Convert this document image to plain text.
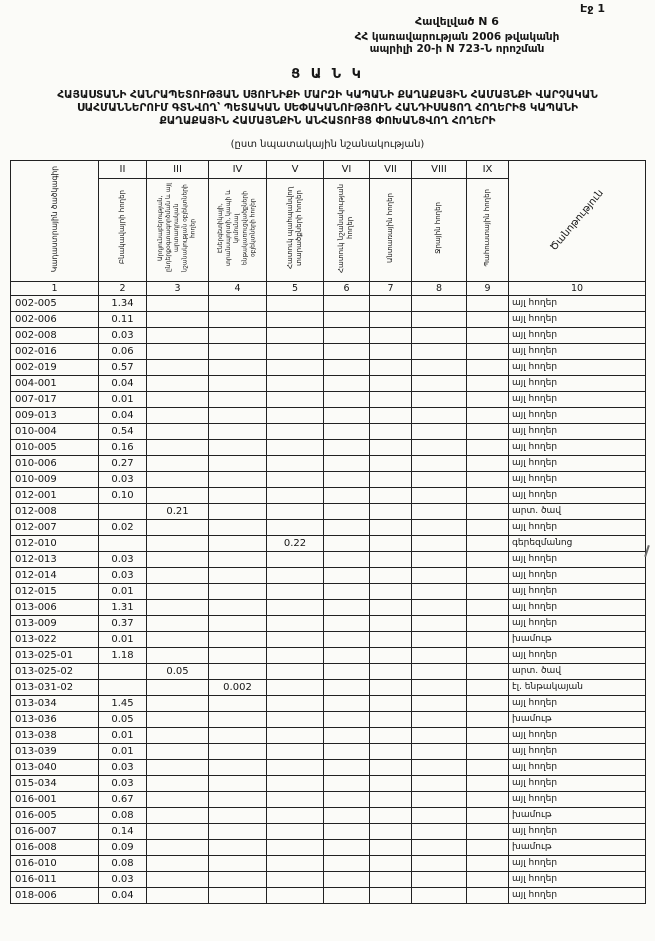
Էջ 1
Հավելված N 6
ՀՀ կառավարության 2006 թվականի
ապրիլի 20-ի N 723-Ն որոշման
Ց Ա Ն Կ
ՀԱՅԱՍՏԱՆԻ ՀԱՆՐԱՊԵՏՈՒԹՅԱՆ ՍՅՈՒՆԻՔԻ ՄԱՐԶԻ ԿԱՊԱՆԻ ՔԱՂԱՔԱՅԻՆ ՀԱՄԱՅՆՔԻ ՎԱՐՉԱԿԱՆ
ՍԱՀՄԱՆՆԵՐՈՒՄ ԳՏՆՎՈՂ՝ ՊԵՏԱԿԱՆ ՍԵՓԱԿԱՆՈՒԹՅՈՒՆ ՀԱՆԴԻՍԱՑՈՂ ՀՈՂԵՐԻՑ ԿԱՊԱՆԻ
ՔԱՂԱՔԱՅԻՆ ՀԱՄԱՅՆՔԻՆ ԱՆՀԱՏՈՒՅՑ ՓՈԽԱՆՑՎՈՂ ՀՈՂԵՐԻ
(ըստ նպատակային նշանակության)
Կադաստրային ծածկագիր	II	III	IV	V	VI	VII	VIII	IX	Ծանոթություն
	Բնակավայրի հողեր	Արդյունաբերության, ընդերքօգտագործման և այլ արտադրական նշանակության օբյեկտների հողեր	Էներգետիկայի, տրանսպորտի, կապի և կոմունալ ենթակառուցվածքների օբյեկտների հողեր	Հատուկ պահպանվող տարածքների հողեր	Հատուկ նշանակության հողեր	Անտառային հողեր	Ջրային հողեր	Պահուստային հողեր	
1	2	3	4	5	6	7	8	9	10
002-005	1.34								այլ հողեր
002-006	0.11								այլ հողեր
002-008	0.03								այլ հողեր
002-016	0.06								այլ հողեր
002-019	0.57								այլ հողեր
004-001	0.04								այլ հողեր
007-017	0.01								այլ հողեր
009-013	0.04								այլ հողեր
010-004	0.54								այլ հողեր
010-005	0.16								այլ հողեր
010-006	0.27								այլ հողեր
010-009	0.03								այլ հողեր
012-001	0.10								այլ հողեր
012-008		0.21							արտ. ծավ
012-007	0.02								այլ հողեր
012-010				0.22					գերեզմանոց
012-013	0.03								այլ հողեր
012-014	0.03								այլ հողեր
012-015	0.01								այլ հողեր
013-006	1.31								այլ հողեր
013-009	0.37								այլ հողեր
013-022	0.01								խամութ
013-025-01	1.18								այլ հողեր
013-025-02		0.05							արտ. ծավ
013-031-02			0.002						էլ. ենթակայան
013-034	1.45								այլ հողեր
013-036	0.05								խամութ
013-038	0.01								այլ հողեր
013-039	0.01								այլ հողեր
013-040	0.03								այլ հողեր
015-034	0.03								այլ հողեր
016-001	0.67								այլ հողեր
016-005	0.08								խամութ
016-007	0.14								այլ հողեր
016-008	0.09								խամութ
016-010	0.08								այլ հողեր
016-011	0.03								այլ հողեր
018-006	0.04								այլ հողեր
